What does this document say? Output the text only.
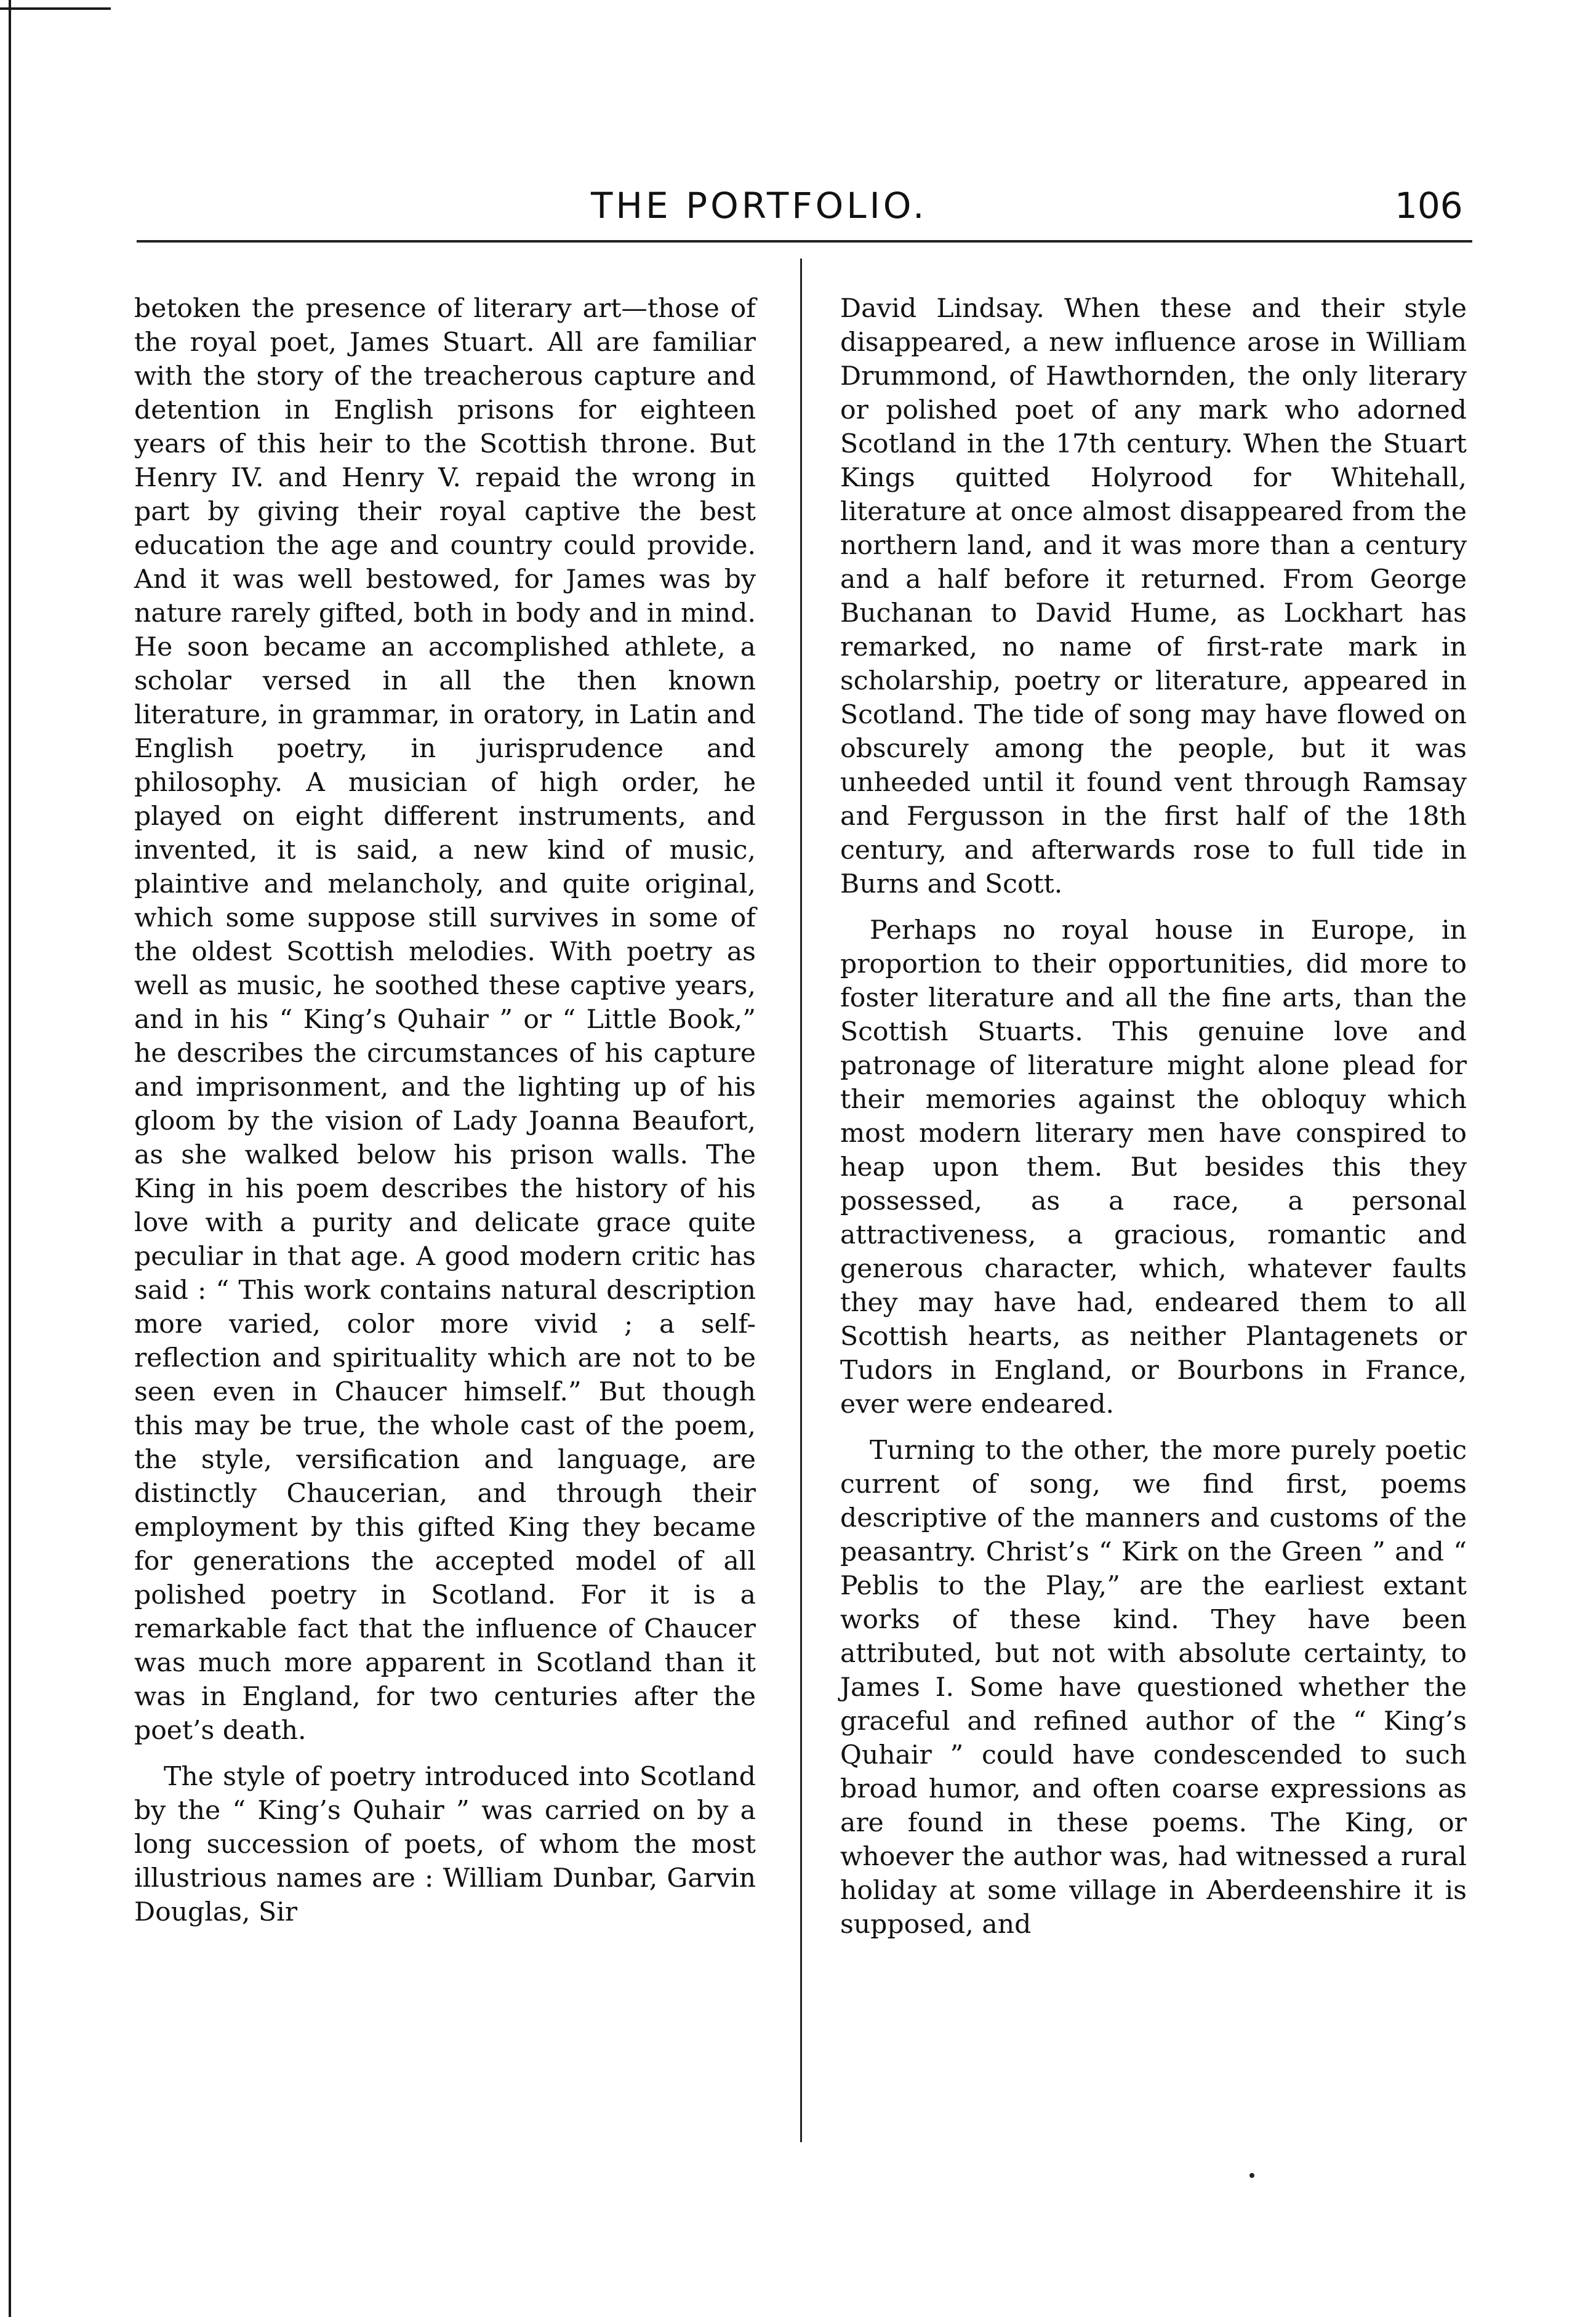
THE PORTFOLIO.	106

betoken the presence of literary art—those of the royal poet, James Stuart. All are familiar with the story of the treacherous capture and detention in English prisons for eighteen years of this heir to the Scottish throne. But Henry IV. and Henry V. repaid the wrong in part by giving their royal captive the best education the age and country could provide. And it was well bestowed, for James was by nature rarely gifted, both in body and in mind. He soon became an accomplished athlete, a scholar versed in all the then known literature, in grammar, in oratory, in Latin and English poetry, in jurisprudence and philosophy. A musician of high order, he played on eight different instruments, and invented, it is said, a new kind of music, plaintive and melancholy, and quite original, which some suppose still survives in some of the oldest Scottish melodies. With poetry as well as music, he soothed these captive years, and in his “ King’s Quhair ” or “ Little Book,” he describes the circumstances of his capture and imprisonment, and the lighting up of his gloom by the vision of Lady Joanna Beaufort, as she walked below his prison walls. The King in his poem describes the history of his love with a purity and delicate grace quite peculiar in that age. A good modern critic has said : “ This work contains natural description more varied, color more vivid ; a self-reflection and spirituality which are not to be seen even in Chaucer himself.” But though this may be true, the whole cast of the poem, the style, versification and language, are distinctly Chaucerian, and through their employment by this gifted King they became for generations the accepted model of all polished poetry in Scotland. For it is a remarkable fact that the influence of Chaucer was much more apparent in Scotland than it was in England, for two centuries after the poet’s death.

The style of poetry introduced into Scotland by the “ King’s Quhair ” was carried on by a long succession of poets, of whom the most illustrious names are : William Dunbar, Garvin Douglas, Sir

David Lindsay. When these and their style disappeared, a new influence arose in William Drummond, of Hawthornden, the only literary or polished poet of any mark who adorned Scotland in the 17th century. When the Stuart Kings quitted Holyrood for Whitehall, literature at once almost disappeared from the northern land, and it was more than a century and a half before it returned. From George Buchanan to David Hume, as Lockhart has remarked, no name of first-rate mark in scholarship, poetry or literature, appeared in Scotland. The tide of song may have flowed on obscurely among the people, but it was unheeded until it found vent through Ramsay and Fergusson in the first half of the 18th century, and afterwards rose to full tide in Burns and Scott.

Perhaps no royal house in Europe, in proportion to their opportunities, did more to foster literature and all the fine arts, than the Scottish Stuarts. This genuine love and patronage of literature might alone plead for their memories against the obloquy which most modern literary men have conspired to heap upon them. But besides this they possessed, as a race, a personal attractiveness, a gracious, romantic and generous character, which, whatever faults they may have had, endeared them to all Scottish hearts, as neither Plantagenets or Tudors in England, or Bourbons in France, ever were endeared.

Turning to the other, the more purely poetic current of song, we find first, poems descriptive of the manners and customs of the peasantry. Christ’s “ Kirk on the Green ” and “ Peblis to the Play,” are the earliest extant works of these kind. They have been attributed, but not with absolute certainty, to James I. Some have questioned whether the graceful and refined author of the “ King’s Quhair ” could have condescended to such broad humor, and often coarse expressions as are found in these poems. The King, or whoever the author was, had witnessed a rural holiday at some village in Aberdeenshire it is supposed, and
